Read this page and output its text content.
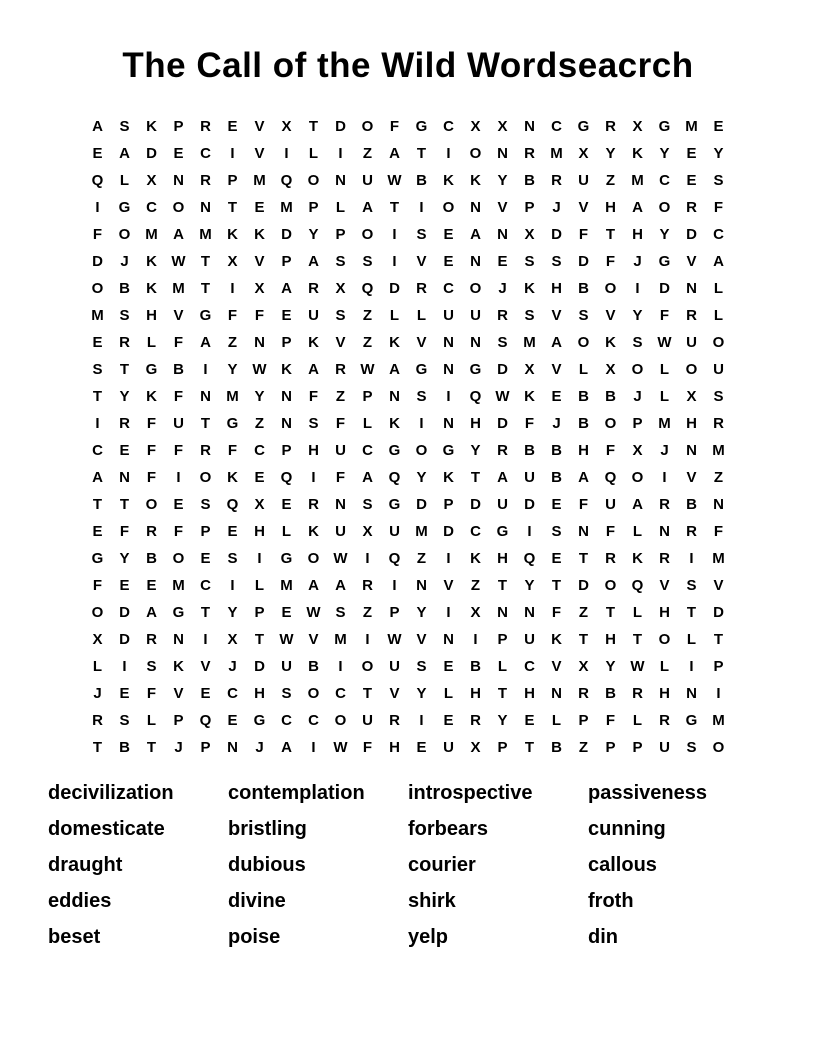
The Call of the Wild Wordseacrch
A	S	K	P	R	E	V	X	T	D	O	F	G	C	X	X	N	C	G	R	X	G M	E
E	A	D	E	C	I	V	I	L	I	Z	A	T	I	O	N	R	M	X	Y	K	Y	E	Y
Q	L	X	N	R	P	M Q	O	N	U W B	K	K	Y	B	R	U	Z	M	C	E	S
I	G	C	O	N	T	E	M	P	L	A	T	I	O	N	V	P	J	V	H	A	O	R	F
F	O M	A	M	K	K	D	Y	P	O	I	S	E	A	N	X	D	F	T	H	Y	D	C
D	J	K W	T	X	V	P	A	S	S	I	V	E	N	E	S	S	D	F	J	G	V	A
O	B	K	M	T	I	X	A	R	X	Q	D	R	C	O	J	K	H	B	O	I	D	N	L
M	S	H	V	G	F	F	E	U	S	Z	L	L	U	U	R	S	V	S	V	Y	F	R	L
E	R	L	F	A	Z	N	P	K	V	Z	K	V	N	N	S	M	A	O	K	S W U	O
S	T	G	B	I	Y W K	A	R W A	G	N	G	D	X	V	L	X	O	L	O	U
T	Y	K	F	N	M	Y	N	F	Z	P	N	S	I	Q W K	E	B	B	J	L	X	S
I	R	F	U	T	G	Z	N	S	F	L	K	I	N	H	D	F	J	B	O	P	M	H	R
C	E	F	F	R	F	C	P	H	U	C	G	O	G	Y	R	B	B	H	F	X	J	N	M
A	N	F	I	O	K	E	Q	I	F	A	Q	Y	K	T	A	U	B	A	Q	O	I	V	Z
T	T	O	E	S	Q	X	E	R	N	S	G	D	P	D	U	D	E	F	U	A	R	B	N
E	F	R	F	P	E	H	L	K	U	X	U	M	D	C	G	I	S	N	F	L	N	R	F
G	Y	B	O	E	S	I	G	O W	I	Q	Z	I	K	H	Q	E	T	R	K	R	I	M
F	E	E	M	C	I	L	M	A	A	R	I	N	V	Z	T	Y	T	D	O	Q	V	S	V
O	D	A	G	T	Y	P	E W S	Z	P	Y	I	X	N	N	F	Z	T	L	H	T	D
X	D	R	N	I	X	T	W V	M	I	W V	N	I	P	U	K	T	H	T	O	L	T
L	I	S	K	V	J	D	U	B	I	O	U	S	E	B	L	C	V	X	Y W	L	I	P
J	E	F	V	E	C	H	S	O	C	T	V	Y	L	H	T	H	N	R	B	R	H	N	I
R	S	L	P	Q	E	G	C	C	O	U	R	I	E	R	Y	E	L	P	F	L	R	G M
T	B	T	J	P	N	J	A	I	W	F	H	E	U	X	P	T	B	Z	P	P	U	S	O
decivilization	contemplation	introspective	passiveness
domesticate	bristling	forbears	cunning
draught	dubious	courier	callous
eddies	divine	shirk	froth
beset	poise	yelp	din
